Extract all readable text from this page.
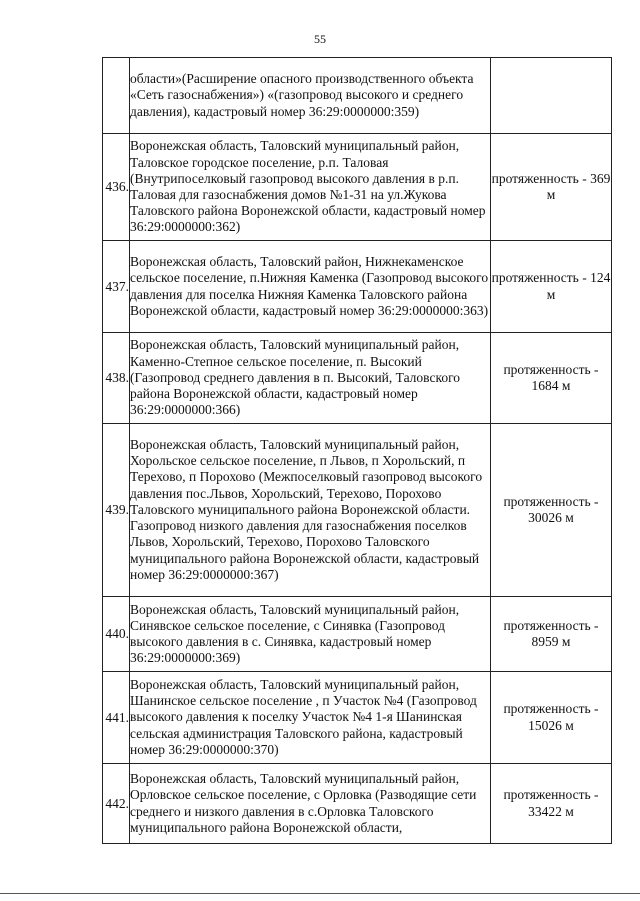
55
	области»(Расширение опасного производственного объекта «Сеть газоснабжения») «(газопровод высокого и среднего давления), кадастровый номер 36:29:0000000:359)	
436.	Воронежская область, Таловский муниципальный район, Таловское городское поселение, р.п. Таловая (Внутрипоселковый газопровод высокого давления в р.п. Таловая для газоснабжения домов №1-31 на ул.Жукова Таловского района Воронежской области, кадастровый номер 36:29:0000000:362)	протяженность - 369 м
437.	Воронежская область, Таловский район, Нижнекаменское сельское поселение, п.Нижняя Каменка (Газопровод высокого давления для поселка Нижняя Каменка Таловского района Воронежской области, кадастровый номер 36:29:0000000:363)	протяженность - 124 м
438.	Воронежская область, Таловский муниципальный район, Каменно-Степное сельское поселение, п. Высокий (Газопровод среднего давления в п. Высокий, Таловского района Воронежской области, кадастровый номер 36:29:0000000:366)	протяженность - 1684 м
439.	Воронежская область, Таловский муниципальный район, Хорольское сельское поселение, п Львов, п Хорольский, п Терехово, п Порохово (Межпоселковый газопровод высокого давления пос.Львов, Хорольский, Терехово, Порохово Таловского муниципального района Воронежской области. Газопровод низкого давления для газоснабжения поселков Львов, Хорольский, Терехово, Порохово Таловского муниципального района Воронежской области, кадастровый номер 36:29:0000000:367)	протяженность - 30026 м
440.	Воронежская область, Таловский муниципальный район, Синявское сельское поселение, с Синявка (Газопровод высокого давления в с. Синявка, кадастровый номер 36:29:0000000:369)	протяженность - 8959 м
441.	Воронежская область, Таловский муниципальный район, Шанинское сельское поселение , п Участок №4 (Газопровод высокого давления к поселку Участок №4 1-я Шанинская сельская администрация Таловского района, кадастровый номер 36:29:0000000:370)	протяженность - 15026 м
442.	Воронежская область, Таловский муниципальный район, Орловское сельское поселение, с Орловка (Разводящие сети среднего и низкого давления в с.Орловка Таловского муниципального района Воронежской области,	протяженность - 33422 м
